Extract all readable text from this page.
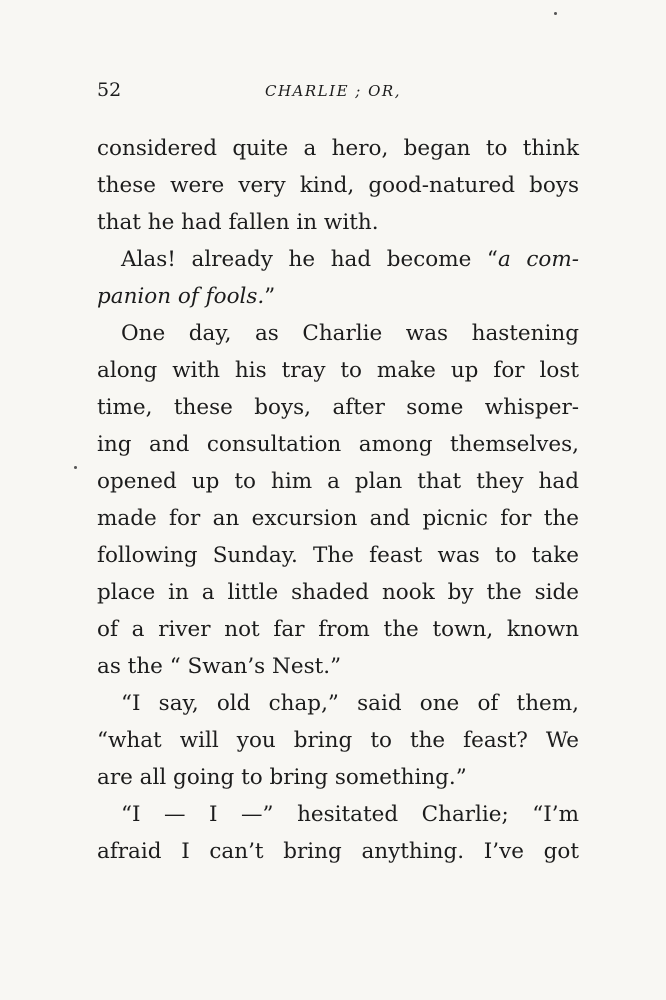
52	CHARLIE ; OR,
considered quite a hero, began to think
these were very kind, good-natured boys
that he had fallen in with.
Alas! already he had become “a com-
panion of fools.”
One day, as Charlie was hastening
along with his tray to make up for lost
time, these boys, after some whisper-
ing and consultation among themselves,
opened up to him a plan that they had
made for an excursion and picnic for the
following Sunday. The feast was to take
place in a little shaded nook by the side
of a river not far from the town, known
as the “ Swan’s Nest.”
“I say, old chap,” said one of them,
“what will you bring to the feast? We
are all going to bring something.”
“I — I —” hesitated Charlie; “I’m
afraid I can’t bring anything. I’ve got
